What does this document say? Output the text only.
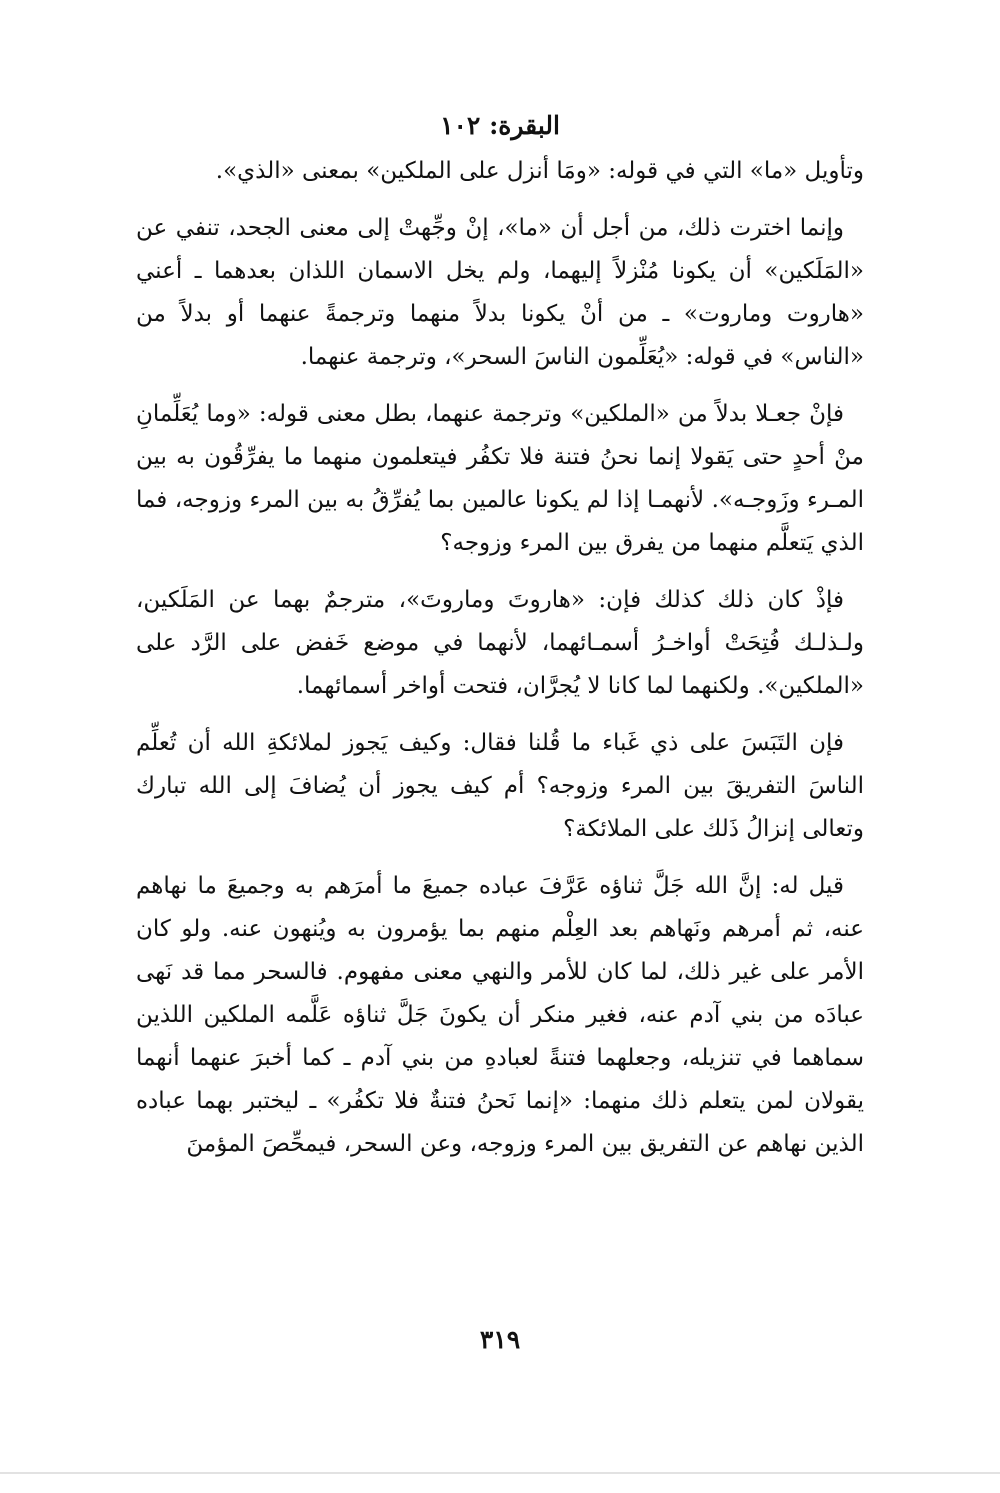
البقرة: ١٠٢

وتأويل «ما» التي في قوله: «ومَا أنزل على الملكين» بمعنى «الذي».

وإنما اخترت ذلك، من أجل أن «ما»، إنْ وجِّهتْ إلى معنى الجحد، تنفي عن «المَلَكين» أن يكونا مُنْزلاً إليهما، ولم يخل الاسمان اللذان بعدهما ـ أعني «هاروت وماروت» ـ من أنْ يكونا بدلاً منهما وترجمةً عنهما أو بدلاً من «الناس» في قوله: «يُعَلِّمون الناسَ السحر»، وترجمة عنهما.

فإنْ جعـلا بدلاً من «الملكين» وترجمة عنهما، بطل معنى قوله: «وما يُعَلِّمانِ منْ أحدٍ حتى يَقولا إنما نحنُ فتنة فلا تكفُر فيتعلمون منهما ما يفرِّقُون به بين المـرء وزَوجـه». لأنهمـا إذا لم يكونا عالمين بما يُفرِّقُ به بين المرء وزوجه، فما الذي يَتعلَّم منهما من يفرق بين المرء وزوجه؟

فإذْ كان ذلك كذلك فإن: «هاروتَ وماروتَ»، مترجمٌ بهما عن المَلَكين، ولـذلـك فُتِحَتْ أواخـرُ أسمـائهما، لأنهما في موضع خَفض على الرَّد على «الملكين». ولكنهما لما كانا لا يُجرَّان، فتحت أواخر أسمائهما.

فإن التَبَسَ على ذي غَباء ما قُلنا فقال: وكيف يَجوز لملائكةِ الله أن تُعلِّم الناسَ التفريقَ بين المرء وزوجه؟ أم كيف يجوز أن يُضافَ إلى الله تبارك وتعالى إنزالُ ذَلك على الملائكة؟

قيل له: إنَّ الله جَلَّ ثناؤه عَرَّفَ عباده جميعَ ما أمرَهم به وجميعَ ما نهاهم عنه، ثم أمرهم ونَهاهم بعد العِلْم منهم بما يؤمرون به ويُنهون عنه. ولو كان الأمر على غير ذلك، لما كان للأمر والنهي معنى مفهوم. فالسحر مما قد نَهى عبادَه من بني آدم عنه، فغير منكر أن يكونَ جَلَّ ثناؤه عَلَّمه الملكين اللذين سماهما في تنزيله، وجعلهما فتنةً لعبادهِ من بني آدم ـ كما أخبرَ عنهما أنهما يقولان لمن يتعلم ذلك منهما: «إنما نَحنُ فتنةٌ فلا تكفُر» ـ ليختبر بهما عباده الذين نهاهم عن التفريق بين المرء وزوجه، وعن السحر، فيمحِّصَ المؤمنَ

٣١٩
